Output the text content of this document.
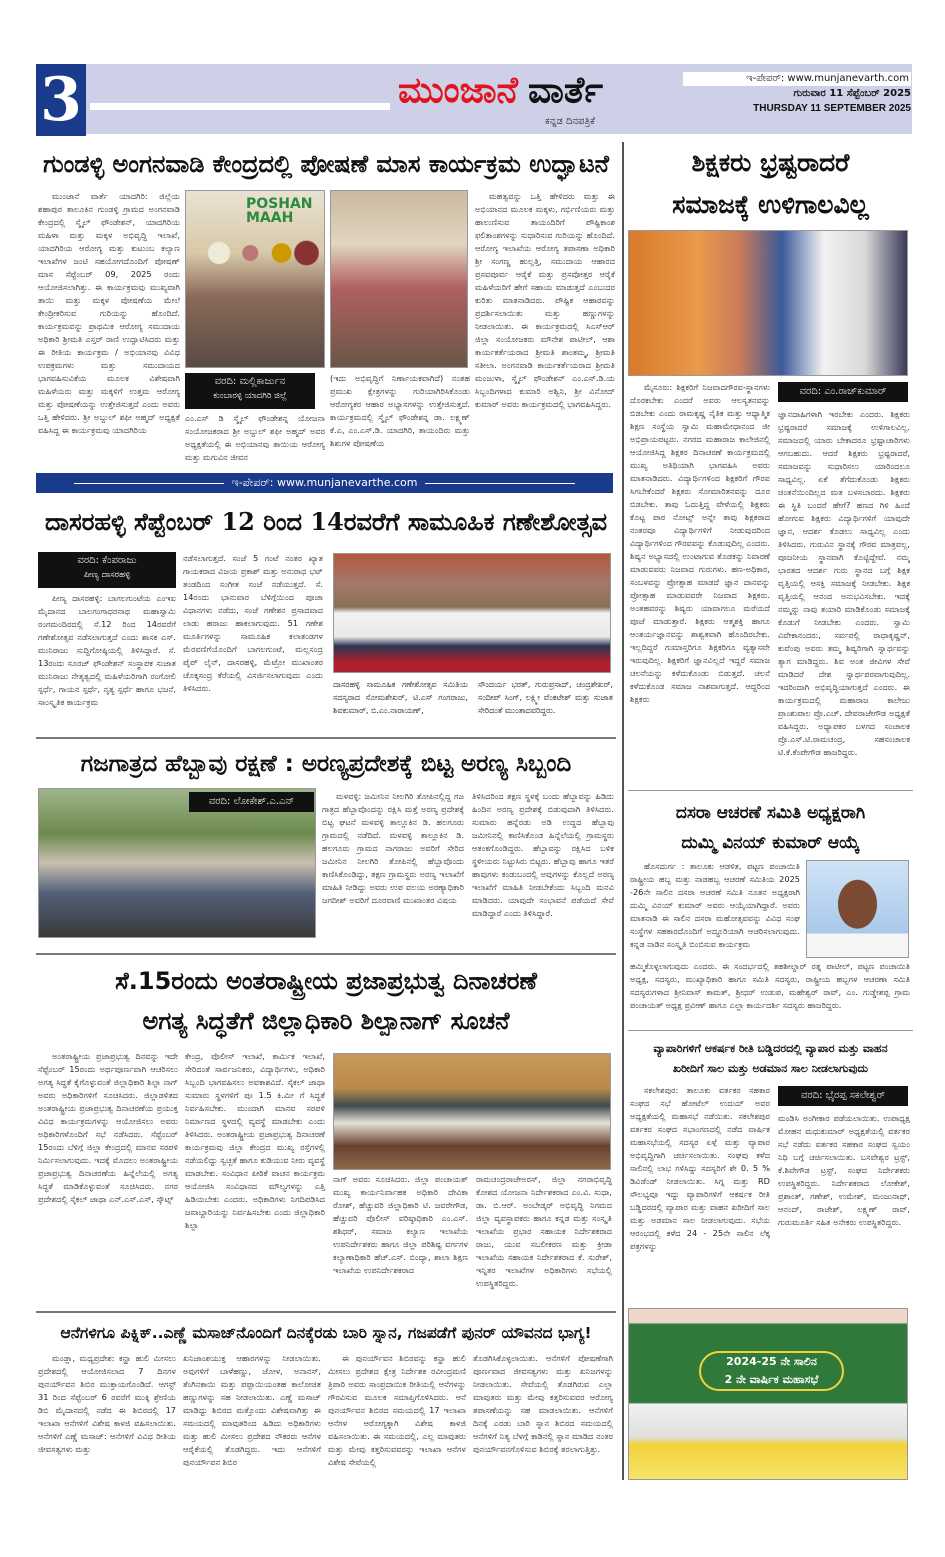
3	ಮುಂಜಾನೆ ವಾರ್ತೆ
ಕನ್ನಡ ದಿನಪತ್ರಿಕೆ
ಇ-ಪೇಪರ್: www.munjanevarth.com
ಗುರುವಾರ 11 ಸೆಪ್ಟೆಂಬರ್ 2025
THURSDAY 11 SEPTEMBER 2025
ಗುಂಡಳ್ಳಿ ಅಂಗನವಾಡಿ ಕೇಂದ್ರದಲ್ಲಿ ಪೋಷಣೆ ಮಾಸ ಕಾರ್ಯಕ್ರಮ ಉದ್ಘಾಟನೆ

ಮುಂಜಾನೆ ವಾರ್ತೆ ಯಾದಗಿರಿ: ಜಿಲ್ಲೆಯ ಶಹಾಪುರ ತಾಲೂಕಿನ ಗುಂಡಳ್ಳಿ ಗ್ರಾಮದ ಅಂಗನವಾಡಿ ಕೇಂದ್ರದಲ್ಲಿ ಸ್ಮೈಲ್ ಫೌಂಡೇಶನ್, ಯಾದಗಿರಿಯ ಮಹಿಳಾ ಮತ್ತು ಮಕ್ಕಳ ಅಭಿವೃದ್ಧಿ ಇಲಾಖೆ, ಯಾದಗಿರಿಯ ಆರೋಗ್ಯ ಮತ್ತು ಕುಟುಂಬ ಕಲ್ಯಾಣ ಇಲಾಖೆಗಳ ಜಂಟಿ ಸಹಯೋಗದೊಂದಿಗೆ ಪೋಷಣ್ ಮಾಸ ಸೆಪ್ಟೆಂಬರ್ 09, 2025 ರಂದು ಆಯೋಜಿಸಲಾಗಿತ್ತು. ಈ ಕಾರ್ಯಕ್ರಮವು ಮುಖ್ಯವಾಗಿ ತಾಯಿ ಮತ್ತು ಮಕ್ಕಳ ಪೋಷಣೆಯ ಮೇಲೆ ಕೇಂದ್ರೀಕರಿಸುವ ಗುರಿಯನ್ನು ಹೊಂದಿದೆ. ಕಾರ್ಯಕ್ರಮವನ್ನು ಪ್ರಾಥಮಿಕ ಆರೋಗ್ಯ ಸಮುದಾಯ ಅಧಿಕಾರಿ ಶ್ರೀಮತಿ ಎಸ್ತರ್ ರಾಣಿ ಉದ್ಘಾಟಿಸಿದರು ಮತ್ತು ಈ ರೀತಿಯ ಕಾರ್ಯಕ್ರಮ / ಅಭಿಯಾನವು ವಿವಿಧ ಉಪಕ್ರಮಗಳು ಮತ್ತು ಸಮುದಾಯದ ಭಾಗವಹಿಸುವಿಕೆಯ ಮೂಲಕ ವಿಶೇಷವಾಗಿ ಮಹಿಳೆಯರು ಮತ್ತು ಮಕ್ಕಳಿಗೆ ಉತ್ತಮ ಆರೋಗ್ಯ ಮತ್ತು ಪೋಷಣೆಯನ್ನು ಉತ್ತೇಜಿಸುತ್ತದೆ ಎಂದು ಅವರು ಒತ್ತಿ ಹೇಳಿದರು. ಶ್ರೀ ಅಬ್ದುಲ್ ಶಫೀ ಅಹ್ಮದ್ ಅಧ್ಯಕ್ಷತೆ ವಹಿಸಿದ್ದ ಈ ಕಾರ್ಯಕ್ರಮವು ಯಾದಗಿರಿಯ

POSHAN MAAH
ವರದಿ: ಮಲ್ಲಿಕಾರ್ಜುನ
ಕುಂಬಾರಳ್ಳಿ ಯಾದಗಿರಿ ಜಿಲ್ಲೆ

ಎಂ.ಎಸ್ ಡಿ ಸ್ಮೈಲ್ ಫೌಂಡೇಶನ್ನ ಯೋಜನಾ ಸಂಯೋಜಕರಾದ ಶ್ರೀ ಅಬ್ದುಲ್ ಶಫೀ ಅಹ್ಮದ್ ಅವರ ಅಧ್ಯಕ್ಷತೆಯಲ್ಲಿ ಈ ಅಭಿಯಾನವು ತಾಯಿಯ ಆರೋಗ್ಯ ಮತ್ತು ಮಗುವಿನ ಜೀವನ

(ಇದು ಅಭಿವೃದ್ಧಿಗೆ ನಿರ್ಣಾಯಕವಾಗಿದೆ) ನಂತಹ ಪ್ರಮುಖ ಕ್ಷೇತ್ರಗಳನ್ನು ಗುರಿಯಾಗಿರಿಸಿಕೊಂಡು ಆರೋಗ್ಯಕರ ಆಹಾರ ಅಭ್ಯಾಸಗಳನ್ನು ಉತ್ತೇಜಿಸುತ್ತದೆ. ಕಾರ್ಯಕ್ರಮದಲ್ಲಿ ಸ್ಮೈಲ್ ಫೌಂಡೇಶನ್ನ ಡಾ. ಲಕ್ಷ್ಮಣ್ ಕೆ.ಎ, ಎಂ.ಎಸ್.ಡಿ. ಯಾದಗಿರಿ, ತಾಯಂದಿರು ಮತ್ತು ಶಿಶುಗಳ ಪೋಷಣೆಯ

ಮಹತ್ವವನ್ನು ಒತ್ತಿ ಹೇಳಿದರು ಮತ್ತು ಈ ಅಭಿಯಾನದ ಮೂಲಕ ಮಕ್ಕಳು, ಗರ್ಭಿಣಿಯರು ಮತ್ತು ಹಾಲುಣಿಸುವ ತಾಯಂದಿರಿಗೆ ಪೌಷ್ಟಿಕಾಂಶ ಫಲಿತಾಂಶಗಳನ್ನು ಸುಧಾರಿಸುವ ಗುರಿಯನ್ನು ಹೊಂದಿದೆ. ಆರೋಗ್ಯ ಇಲಾಖೆಯ ಆರೋಗ್ಯ ತಪಾಸಣಾ ಅಧಿಕಾರಿ ಶ್ರೀ ಸಂಗಣ್ಣ ಹುಲ್ಲತ್ತಿ, ಸಮುದಾಯ ಆಹಾರದ ಪ್ರಸವಪೂರ್ವ ಆರೈಕೆ ಮತ್ತು ಪ್ರಸವೋತ್ತರ ಆರೈಕೆ ಮಹಿಳೆಯರಿಗೆ ಹೇಗೆ ಸಹಾಯ ಮಾಡುತ್ತದೆ ಎಂಬುದರ ಕುರಿತು ಮಾತನಾಡಿದರು. ಪೌಷ್ಟಿಕ ಆಹಾರವನ್ನು ಪ್ರದರ್ಶಿಸಲಾಯಿತು ಮತ್ತು ಹಣ್ಣುಗಳನ್ನು ನೀಡಲಾಯಿತು. ಈ ಕಾರ್ಯಕ್ರಮದಲ್ಲಿ ಸಿಎಸ್ಆರ್ ಜಿಲ್ಲಾ ಸಂಯೋಜಕರು ಮೌನೇಶ ಪಾಟೀಲ್, ಆಶಾ ಕಾರ್ಯಕರ್ತೆಯರಾದ ಶ್ರೀಮತಿ ಶಾಂತಮ್ಮ, ಶ್ರೀಮತಿ ಸತೀಲಾ. ಅಂಗನವಾಡಿ ಕಾರ್ಯಕರ್ತೆಯರಾದ ಶ್ರೀಮತಿ ಮಂಜುಳಾ, ಸ್ಮೈಲ್ ಫೌಂಡೇಶನ್ ಎಂ.ಎಸ್.ಡಿ.ಯ ಸಿಬ್ಬಂದಿಗಳಾದ ಕುಮಾರಿ ಅಶ್ವಿನಿ, ಶ್ರೀ ವಿನೋದ್ ಕುಮಾರ್ ಅವರು ಕಾರ್ಯಕ್ರಮದಲ್ಲಿ ಭಾಗವಹಿಸಿದ್ದರು.

ಇ-ಪೇಪರ್: www.munjanevarthe.com
ದಾಸರಹಳ್ಳಿ ಸೆಪ್ಟೆಂಬರ್ 12 ರಿಂದ 14ರವರೆಗೆ ಸಾಮೂಹಿಕ ಗಣೇಶೋತ್ಸವ
ವರದಿ: ಕೆಂಪರಾಜು
ಪೀಣ್ಯ ದಾಸರಹಳ್ಳಿ

ಪೀಣ್ಯ ದಾಸರಹಳ್ಳಿ: ಬಾಗಲಗುಂಟೆಯ ಎಂಇಐ ಮೈದಾನದ ಬಾಲಗಂಗಾಧರನಾಥ ಮಹಾಸ್ವಾಮಿ ರಂಗಮಂದಿರದಲ್ಲಿ ಸೆ.12 ರಿಂದ 14ರವರೆಗೆ ಗಣೇಶೋತ್ಸವ ನಡೆಸಲಾಗುತ್ತದೆ ಎಂದು ಶಾಸಕ ಎಸ್. ಮುನಿರಾಜು ಸುದ್ದಿಗೋಷ್ಠಿಯಲ್ಲಿ ತಿಳಿಸಿದ್ದಾರೆ. ಸೆ. 13ರಂದು ಸೂರಜ್ ಫೌಂಡೇಶನ್ ಸಂಸ್ಥಾಪಕ ಸುಜಾತ ಮುನಿರಾಜು ನೇತೃತ್ವದಲ್ಲಿ ಮಹಿಳೆಯರಿಗಾಗಿ ರಂಗೋಲಿ ಸ್ಪರ್ಧೆ, ಗಾಯನ ಸ್ಪರ್ಧೆ, ನೃತ್ಯ ಸ್ಪರ್ಧೆ ಹಾಗೂ ಭಜನೆ, ಸಾಂಸ್ಕೃತಿಕ ಕಾರ್ಯಕ್ರಮ

ನಡೆಸಲಾಗುತ್ತದೆ. ಸಂಜೆ 5 ಗಂಟೆ ನಂತರ ಖ್ಯಾತ ಗಾಯಕರಾದ ವಿಜಯ ಪ್ರಕಾಶ್ ಮತ್ತು ಅನುರಾಧ ಭಟ್ ತಂಡದಿಂದ ಸಂಗೀತ ಸಂಜೆ ನಡೆಯುತ್ತದೆ. ಸೆ. 14ರಂದು ಭಾನುವಾರ ಬೆಳಿಗ್ಗೆಯಿಂದ ಪೂಜಾ ವಿಧಾನಗಳು ನಡೆದು, ಸಂಜೆ ಗಣೇಶನ ಪ್ರಸಾದವಾದ ಲಾಡು ಹರಾಜು ಹಾಕಲಾಗುವುದು. 51 ಗಣೇಶ ಮೂರ್ತಿಗಳನ್ನು ಸಾಮೂಹಿಕ ಕಲಾತಂಡಗಳ ಮೆರವಣಿಗೆಯೊಂದಿಗೆ ಬಾಗಲಗುಂಟೆ, ಮಲ್ಲಸಂದ್ರ ಪೈಪ್ ಲೈನ್, ದಾಸರಹಳ್ಳಿ, ಮೆಟ್ರೋ ಮುಖಾಂತರ ಚೊಕ್ಕಸಂದ್ರ ಕೆರೆಯಲ್ಲಿ ವಿಸರ್ಜಿಸಲಾಗುವುದು ಎಂದು ತಿಳಿಸಿದರು.	ದಾಸರಹಳ್ಳಿ ಸಾಮೂಹಿಕ ಗಣೇಶೋತ್ಸವ ಸಮಿತಿಯ ಸದಸ್ಯರಾದ ಸೋಮಶೇಖರ್, ಟಿ.ಎಸ್ ಗಂಗರಾಜು, ಶಿವಕುಮಾರ್, ಬಿ.ಎಂ.ನಾರಾಯಣ್,
ಸೌಂದರ್ಯ ಭರತ್, ಗುರುಪ್ರಸಾದ್, ಚಂದ್ರಶೇಖರ್, ಸಂದೀಪ್ ಸಿಂಗ್, ಲಕ್ಷ್ಮೀ ವೆಂಕಟೇಶ್ ಮತ್ತು ಸುಜಾತ ಸೇರಿದಂತೆ ಮುಂತಾದವರಿದ್ದರು.
ಗಜಗಾತ್ರದ ಹೆಬ್ಬಾವು ರಕ್ಷಣೆ : ಅರಣ್ಯಪ್ರದೇಶಕ್ಕೆ ಬಿಟ್ಟ ಅರಣ್ಯ ಸಿಬ್ಬಂದಿ
ವರದಿ: ಲೋಕೇಶ್.ಎ.ಎನ್	ಮಳವಳ್ಳಿ: ಜಮೀನಿನ ನೀಲಗಿರಿ ತೋಪಿನಲ್ಲಿದ್ದ ಗಜ ಗಾತ್ರದ ಹೆಬ್ಬಾವೊಂದನ್ನು ರಕ್ಷಿಸಿ ಮತ್ತೆ ಅರಣ್ಯ ಪ್ರದೇಶಕ್ಕೆ ಬಿಟ್ಟ ಘಟನೆ ಮಳವಳ್ಳಿ ತಾಲ್ಲೂಕಿನ ಡಿ. ಹಲಗೂರು ಗ್ರಾಮದಲ್ಲಿ ನಡೆದಿದೆ. ಮಳವಳ್ಳಿ ತಾಲ್ಲೂಕಿನ ಡಿ. ಹಲಗೂರು ಗ್ರಾಮದ ನಾಗರಾಜು ಅವರಿಗೆ ಸೇರಿದ ಜಮೀನಿನ ನೀಲಗಿರಿ ತೋಪಿನಲ್ಲಿ ಹೆಬ್ಬಾವೊಂದು ಕಾಣಿಸಿಕೊಂಡಿದ್ದು, ತಕ್ಷಣ ಗ್ರಾಮಸ್ಥರು ಅರಣ್ಯ ಇಲಾಖೆಗೆ ಮಾಹಿತಿ ನೀಡಿದ್ದು ಅವರು ಉಪ ವಲಯ ಅರಣ್ಯಾಧಿಕಾರಿ ಜಗದೀಶ್ ಅವರಿಗೆ ದೂರವಾಣಿ ಮುಖಾಂತರ ವಿಷಯ

ತಿಳಿಸಿದರಿಂದ ತಕ್ಷಣ ಸ್ಥಳಕ್ಕೆ ಬಂದು ಹೆಬ್ಬಾವನ್ನು ಹಿಡಿದು ಹಿಂದಿನ ಅರಣ್ಯ ಪ್ರದೇಶಕ್ಕೆ ಬಿಡುವುದಾಗಿ ತಿಳಿಸಿದರು. ಸುಮಾರು ಹನ್ನೆರಡು ಅಡಿ ಉದ್ದದ ಹೆಬ್ಬಾವು ಜಮೀನಿನಲ್ಲಿ ಕಾಣಿಸಿಕೊಂಡ ಹಿನ್ನೆಲೆಯಲ್ಲಿ ಗ್ರಾಮಸ್ಥರು ಆತಂಕಗೊಂಡಿದ್ದರು. ಹೆಬ್ಬಾವನ್ನು ರಕ್ಷಿಸಿದ ಬಳಿಕ ಸ್ಥಳೀಯರು ನಿಟ್ಟುಸಿರು ಬಿಟ್ಟರು. ಹೆಬ್ಬಾವು ಹಾಗೂ ಇತರೆ ಹಾವುಗಳು ಕಂಡುಬಂದಲ್ಲಿ ಅವುಗಳನ್ನು ಕೊಲ್ಲದೆ ಅರಣ್ಯ ಇಲಾಖೆಗೆ ಮಾಹಿತಿ ನೀಡಬೇಕೆಂದು ಸಿಬ್ಬಂದಿ ಮನವಿ ಮಾಡಿದರು. ಯಾವುದೇ ಸಂಭಾವನೆ ಪಡೆಯದೆ ಸೇವೆ ಮಾಡಿದ್ದಾರೆ ಎಂದು ತಿಳಿಸಿದ್ದಾರೆ.

ಸೆ.15ರಂದು ಅಂತರಾಷ್ಟ್ರೀಯ ಪ್ರಜಾಪ್ರಭುತ್ವ ದಿನಾಚರಣೆ
ಅಗತ್ಯ ಸಿದ್ಧತೆಗೆ ಜಿಲ್ಲಾಧಿಕಾರಿ ಶಿಲ್ಪಾನಾಗ್ ಸೂಚನೆ

ಅಂತರಾಷ್ಟ್ರೀಯ ಪ್ರಜಾಪ್ರಭುತ್ವ ದಿನವನ್ನು ಇದೇ ಸೆಪ್ಟೆಂಬರ್ 15ರಂದು ಅರ್ಥಪೂರ್ಣವಾಗಿ ಆಚರಿಸಲು ಅಗತ್ಯ ಸಿದ್ಧತೆ ಕೈಗೊಳ್ಳುವಂತೆ ಜಿಲ್ಲಾಧಿಕಾರಿ ಶಿಲ್ಪಾ ನಾಗ್ ಅವರು ಅಧಿಕಾರಿಗಳಿಗೆ ಸೂಚಿಸಿದರು. ಜಿಲ್ಲಾಡಳಿತದ ಅಂತರಾಷ್ಟ್ರೀಯ ಪ್ರಜಾಪ್ರಭುತ್ವ ದಿನಾಚರಣೆಯ ಪ್ರಯುಕ್ತ ವಿವಿಧ ಕಾರ್ಯಕ್ರಮಗಳನ್ನು ಆಯೋಜಿಸಲು ಅವರು ಅಧಿಕಾರಿಗಳೊಂದಿಗೆ ಸಭೆ ನಡೆಸಿದರು. ಸೆಪ್ಟೆಂಬರ್ 15ರಂದು ಬೆಳಿಗ್ಗೆ ಜಿಲ್ಲಾ ಕೇಂದ್ರದಲ್ಲಿ ಮಾನವ ಸರಪಳಿ ನಿರ್ಮಿಸಲಾಗುವುದು. ಇದಕ್ಕೆ ಮೊದಲು ಅಂತರಾಷ್ಟ್ರೀಯ ಪ್ರಜಾಪ್ರಭುತ್ವ ದಿನಾಚರಣೆಯ ಹಿನ್ನೆಲೆಯಲ್ಲಿ ಅಗತ್ಯ ಸಿದ್ಧತೆ ಮಾಡಿಕೊಳ್ಳುವಂತೆ ಸೂಚಿಸಿದರು. ನಗರ ಪ್ರದೇಶದಲ್ಲಿ ಸೈಕಲ್ ಜಾಥಾ ಎನ್.ಎಸ್.ಎಸ್, ಸ್ಕೌಟ್ಸ್

ಕೇಂದ್ರ, ಪೊಲೀಸ್ ಇಲಾಖೆ, ಕಾರ್ಮಿಕ ಇಲಾಖೆ, ಸೇರಿದಂತೆ ಸಾರ್ವಜನಿಕರು, ವಿದ್ಯಾರ್ಥಿಗಳು, ಅಧಿಕಾರಿ ಸಿಬ್ಬಂದಿ ಭಾಗವಹಿಸಲು ಅವಕಾಶವಿದೆ. ಸೈಕಲ್ ಜಾಥಾ ಸುಮಾರು ಸ್ಥಳಗಳಿಗೆ ಪುಃ 1.5 ಕಿ.ಮೀ ಗೆ ಸಿದ್ಧತೆ ನಿರ್ವಹಿಸಬೇಕು. ಮುಂದಾಗಿ ಮಾನವ ಸರಪಳಿ ನಿರ್ಮಾಣದ ಸ್ಥಳದಲ್ಲಿ ವ್ಯವಸ್ಥೆ ಮಾಡಬೇಕು ಎಂದು ತಿಳಿಸಿದರು. ಅಂತರಾಷ್ಟ್ರೀಯ ಪ್ರಜಾಪ್ರಭುತ್ವ ದಿನಾಚರಣೆ ಕಾರ್ಯಕ್ರಮವು ಜಿಲ್ಲಾ ಕೇಂದ್ರದ ಮುಖ್ಯ ರಸ್ತೆಗಳಲ್ಲಿ ನಡೆಯಲಿದ್ದು ಸ್ವಚ್ಛತೆ ಹಾಗೂ ಕುಡಿಯುವ ನೀರು ವ್ಯವಸ್ಥೆ ಮಾಡಬೇಕು. ಸಂವಿಧಾನ ಪೀಠಿಕೆ ವಾಚನ ಕಾರ್ಯಕ್ರಮ ಆಯೋಜಿಸಿ ಸಂವಿಧಾನದ ಮೌಲ್ಯಗಳನ್ನು ಎತ್ತಿ ಹಿಡಿಯಬೇಕು ಎಂದರು. ಅಧಿಕಾರಿಗಳು ನಿಗದಿಪಡಿಸಿದ ಜವಾಬ್ದಾರಿಯನ್ನು ನಿರ್ವಹಿಸಬೇಕು ಎಂದು ಜಿಲ್ಲಾಧಿಕಾರಿ ಶಿಲ್ಪಾ

ನಾಗ್ ಅವರು ಸೂಚಿಸಿದರು. ಜಿಲ್ಲಾ ಪಂಚಾಯತ್ ಮುಖ್ಯ ಕಾರ್ಯನಿರ್ವಾಹಕ ಅಧಿಕಾರಿ ದೇವಿಕಾ ರೋಶ್, ಹೆಚ್ಚುವರಿ ಜಿಲ್ಲಾಧಿಕಾರಿ ಟಿ. ಜವರೇಗೌಡ, ಹೆಚ್ಚುವರಿ ಪೊಲೀಸ್ ವರಿಷ್ಠಾಧಿಕಾರಿ ಎಂ.ಎಸ್. ಶಶಿಧರ್, ಸಮಾಜ ಕಲ್ಯಾಣ ಇಲಾಖೆಯ ಉಪನಿರ್ದೇಶಕರು ಹಾಗೂ ಜಿಲ್ಲಾ ಪರಿಶಿಷ್ಟ ವರ್ಗಗಳ ಕಲ್ಯಾಣಾಧಿಕಾರಿ ಹೆಚ್.ಎಸ್. ಬಿಂದ್ಯಾ, ಶಾಲಾ ಶಿಕ್ಷಣ ಇಲಾಖೆಯ ಉಪನಿರ್ದೇಶಕರಾದ

ರಾಮಚಂದ್ರರಾಜೇಅರಸ್, ಜಿಲ್ಲಾ ನಗರಾಭಿವೃದ್ಧಿ ಕೋಶದ ಯೋಜನಾ ನಿರ್ದೇಶಕರಾದ ಎಂ.ವಿ. ಸುಧಾ, ಡಾ. ಬಿ.ಆರ್. ಅಂಬೇಡ್ಕರ್ ಅಭಿವೃದ್ಧಿ ನಿಗಮದ ಜಿಲ್ಲಾ ವ್ಯವಸ್ಥಾಪಕರು ಹಾಗೂ ಕನ್ನಡ ಮತ್ತು ಸಂಸ್ಕೃತಿ ಇಲಾಖೆಯ ಪ್ರಭಾರ ಸಹಾಯಕ ನಿರ್ದೇಶಕರಾದ ರಾಜು, ಯುವ ಸಬಲೀಕರಣ ಮತ್ತು ಕ್ರೀಡಾ ಇಲಾಖೆಯ ಸಹಾಯಕ ನಿರ್ದೇಶಕರಾದ ಕೆ. ಸುರೇಶ್, ಇನ್ನಿತರ ಇಲಾಖೆಗಳ ಅಧಿಕಾರಿಗಳು ಸಭೆಯಲ್ಲಿ ಉಪಸ್ಥಿತರಿದ್ದರು.

ಆನೆಗಳಿಗೂ ಪಿಕ್ನಿಕ್..ಎಣ್ಣೆ ಮಸಾಜ್‌ನೊಂದಿಗೆ ದಿನಕ್ಕೆರಡು ಬಾರಿ ಸ್ನಾನ, ಗಜಪಡೆಗೆ ಪುನರ್ ಯೌವನದ ಭಾಗ್ಯ!

ಮಂಡ್ಲಾ, ಮಧ್ಯಪ್ರದೇಶ: ಕನ್ಹಾ ಹುಲಿ ಮೀಸಲು ಪ್ರದೇಶದಲ್ಲಿ ಆಯೋಜಿಸಲಾದ 7 ದಿನಗಳ ಪುನರ್ಯೌವನ ಶಿಬಿರ ಮುಕ್ತಾಯಗೊಂಡಿದೆ. ಆಗಸ್ಟ್ 31 ರಿಂದ ಸೆಪ್ಟೆಂಬರ್ 6 ರವರೆಗೆ ಮುಕ್ಕಿ ಶ್ರೇಣಿಯ ಡಿಬಿ ಮೈದಾನದಲ್ಲಿ ನಡೆದ ಈ ಶಿಬಿರದಲ್ಲಿ 17 ಇಲಾಖಾ ಆನೆಗಳಿಗೆ ವಿಶೇಷ ಕಾಳಜಿ ವಹಿಸಲಾಯಿತು. ಆನೆಗಳಿಗೆ ಎಣ್ಣೆ ಮಸಾಜ್: ಆನೆಗಳಿಗೆ ವಿವಿಧ ರೀತಿಯ ಜೀವಸತ್ವಗಳು ಮತ್ತು

ಖನಿಜಾಂಶಯುಕ್ತ ಆಹಾರಗಳನ್ನು ನೀಡಲಾಯಿತು. ಅವುಗಳಿಗೆ ಬಾಳೆಹಣ್ಣು, ಜೋಳ, ಅನಾನಸ್, ತೆಂಗಿನಕಾಯಿ ಮತ್ತು ಪಪ್ಪಾಯಿಯಂತಹ ಕಾಲೋಚಿತ ಹಣ್ಣುಗಳನ್ನು ಸಹ ನೀಡಲಾಯಿತು. ಎಣ್ಣೆ ಮಸಾಜ್ ಮಾಡಿದ್ದು ಶಿಬಿರದ ಮತ್ತೊಂದು ವಿಶೇಷವಾಗಿತ್ತು ಈ ಸಮಯದಲ್ಲಿ ಮಾವುತರಿಂದ ಹಿಡಿದು ಅಧಿಕಾರಿಗಳು ಮತ್ತು ಹುಲಿ ಮೀಸಲು ಪ್ರದೇಶದ ನೌಕರರು ಆನೆಗಳ ಆರೈಕೆಯಲ್ಲಿ ತೊಡಗಿದ್ದರು. ಇದು ಆನೆಗಳಿಗೆ ಪುನರ್ಯೌವನ ಶಿಬಿರ

ಈ ಪುನರ್ಯೌವನ ಶಿಬಿರವನ್ನು ಕನ್ಹಾ ಹುಲಿ ಮೀಸಲು ಪ್ರದೇಶದ ಕ್ಷೇತ್ರ ನಿರ್ದೇಶಕ ರವೀಂದ್ರಮಣಿ ತ್ರಿಪಾಠಿ ಅವರು ಸಾಂಪ್ರದಾಯಿಕ ರೀತಿಯಲ್ಲಿ ಆನೆಗಳನ್ನು ಗೌರವಿಸುವ ಮೂಲಕ ಸಮಾಪ್ತಿಗೊಳಿಸಿದರು. ಆನೆ ಪುನರ್ಯೌವನ ಶಿಬಿರದ ಸಮಯದಲ್ಲಿ 17 ಇಲಾಖಾ ಆನೆಗಳ ಆರೋಗ್ಯಕ್ಕಾಗಿ ವಿಶೇಷ ಕಾಳಜಿ ವಹಿಸಲಾಯಿತು. ಈ ಸಮಯದಲ್ಲಿ, ಎಲ್ಲ ಮಾವುತರು ಮತ್ತು ಮೇವು ಕತ್ತರಿಸುವವರನ್ನು ಇಲಾಖಾ ಆನೆಗಳ ವಿಶೇಷ ಸೇವೆಯಲ್ಲಿ

ತೊಡಗಿಸಿಕೊಳ್ಳಲಾಯಿತು. ಆನೆಗಳಿಗೆ ಪೋಷಣೆಗಾಗಿ ಪೂರ್ಣವಾದ ಜೀವಸತ್ವಗಳು ಮತ್ತು ಖನಿಜಗಳನ್ನು ನೀಡಲಾಯಿತು. ಸೇವೆಯಲ್ಲಿ ತೊಡಗಿರುವ ಎಲ್ಲಾ ಮಾವುತರು ಮತ್ತು ಮೇವು ಕತ್ತರಿಸುವವರ ಆರೋಗ್ಯ ತಪಾಸಣೆಯನ್ನು ಸಹ ಮಾಡಲಾಯಿತು. ಆನೆಗಳಿಗೆ ದಿನಕ್ಕೆ ಎರಡು ಬಾರಿ ಸ್ನಾನ ಶಿಬಿರದ ಸಮಯದಲ್ಲಿ ಆನೆಗಳಿಗೆ ನಿತ್ಯ ಬೆಳಗ್ಗೆ ಕಾಡಿನಲ್ಲಿ ಸ್ನಾನ ಮಾಡಿದ ನಂತರ ಪುನರ್ಯೌವನಗೊಳಿಸುವ ಶಿಬಿರಕ್ಕೆ ತರಲಾಗುತ್ತಿತ್ತು.

ಶಿಕ್ಷಕರು ಭ್ರಷ್ಟರಾದರೆ
ಸಮಾಜಕ್ಕೆ ಉಳಿಗಾಲವಿಲ್ಲ

ಮೈಸೂರು: ಶಿಕ್ಷಕರಿಗೆ ನಿಜವಾದಗೌರವ-ಸ್ಥಾನಗಳು ದೊರಕಬೇಕು ಎಂದರೆ ಅವರು ಆಲಸ್ಯತನವನ್ನು ಬಿಡಬೇಕು ಎಂದು ರಾಮಕೃಷ್ಣ ನೈತಿಕ ಮತ್ತು ಆಧ್ಯಾತ್ಮಿಕ ಶಿಕ್ಷಣ ಸಂಸ್ಥೆಯ ಸ್ವಾಮಿ ಮಹಾಮೇಧಾನಂದ ಜೀ ಅಭಿಪ್ರಾಯಪಟ್ಟರು. ನಗರದ ಮಹಾರಾಜ ಕಾಲೇಜಿನಲ್ಲಿ ಆಯೋಜಿಸಿದ್ದ ಶಿಕ್ಷಕರ ದಿನಾಚರಣೆ ಕಾರ್ಯಕ್ರಮದಲ್ಲಿ ಮುಖ್ಯ ಅತಿಥಿಯಾಗಿ ಭಾಗವಹಿಸಿ ಅವರು ಮಾತನಾಡಿದರು. ವಿದ್ಯಾರ್ಥಿಗಳಿಂದ ಶಿಕ್ಷಕರಿಗೆ ಗೌರವ ಸಿಗಬೇಕೆಂದರೆ ಶಿಕ್ಷಕರು ಸೋಮಾರಿತನವನ್ನು ದೂರ ಬಿಡಬೇಕು. ತಾವು ಓದುತ್ತಿದ್ದ ವೇಳೆಯಲ್ಲಿ ಶಿಕ್ಷಕರು ಕೊಟ್ಟ ಪಾಠ ನೋಟ್ಸ್ ಅನ್ನೇ ತಾವು ಶಿಕ್ಷಕರಾದ ನಂತರವೂ ವಿದ್ಯಾರ್ಥಿಗಳಿಗೆ ನೀಡುವುದರಿಂದ ವಿದ್ಯಾರ್ಥಿಗಳಿಂದ ಗೌರವವನ್ನು ಕೊಡುವುದಿಲ್ಲ ಎಂದರು. ಶಿಷ್ಯನ ಅಭ್ಯಾಸದಲ್ಲಿ ಉಂಟಾಗುವ ತೊಡಕನ್ನು ನಿವಾರಣೆ ಮಾಡುವವರು ನಿಜವಾದ ಗುರುಗಳು. ಹಣ-ಅಧಿಕಾರ, ಸಂಬಳವನ್ನು ಪ್ರೋತ್ಸಾಹ ಮಾಡದೆ ಜ್ಞಾನ ದಾನವನ್ನು ಪ್ರೋತ್ಸಾಹ ಮಾಡುವವರೇ ನಿಜವಾದ ಶಿಕ್ಷಕರು. ಅಂತಹವರನ್ನು ಶಿಷ್ಯರು ಯಾವಾಗಲೂ ಮರೆಯದೆ ಪೂಜೆ ಮಾಡುತ್ತಾರೆ. ಶಿಕ್ಷಕರು ಆತ್ಮಶಕ್ತಿ ಹಾಗೂ ಆಂತರ್ಯಜ್ಞಾನವನ್ನು ಶಾಶ್ವತವಾಗಿ ಹೊಂದಿರಬೇಕು. ಇಲ್ಲದಿದ್ದರೆ ಗುಮಾಸ್ತರಿಗೂ ಶಿಕ್ಷಕರಿಗೂ ವ್ಯತ್ಯಾಸವೇ ಇರುವುದಿಲ್ಲ. ಶಿಕ್ಷಕರಿಗೆ ಜ್ಞಾನವಿಲ್ಲದೆ ಇದ್ದರೆ ಸಮಾಜ ಚಲನೆಯನ್ನು ಕಳೆದುಕೊಂಡು ಬಿಡುತ್ತದೆ. ಚಲನೆ ಕಳೆದುಕೊಂಡ ಸಮಾಜ ನಾಶವಾಗುತ್ತದೆ. ಆದ್ದರಿಂದ ಶಿಕ್ಷಕರು

ವರದಿ: ಎಂ.ರಾಜ್‌ಕುಮಾರ್

ಜ್ಞಾನದಾಹಿಗಳಾಗಿ ಇರಬೇಕು ಎಂದರು. ಶಿಕ್ಷಕರು ಭ್ರಷ್ಟರಾದರೆ ಸಮಾಜಕ್ಕೆ ಉಳಿಗಾಲವಿಲ್ಲ. ಸಮಾಜದಲ್ಲಿ ಯಾರು ಬೇಕಾದರೂ ಭ್ರಷ್ಟಾಚಾರಿಗಳು ಆಗಬಹುದು. ಆದರೆ ಶಿಕ್ಷಕರು ಭ್ರಷ್ಟರಾದರೆ, ಸಮಾಜವನ್ನು ಸುಧಾರಿಸಲು ಯಾರಿಂದಲೂ ಸಾಧ್ಯವಿಲ್ಲ. ಏಕೆ ತೆಗೆದುಕೊಂಡು ಶಿಕ್ಷಕರು ಚಿಂತನೆಯಿಂದಿಲ್ಲದ ಮತ ಬಳಸಬಾರದು. ಶಿಕ್ಷಕರು ಈ ಸ್ಥಿತಿ ಬಂದರೆ ಹೇಗೆ? ಹಣದ ಗಿಳಿ ಹಿಂದೆ ಹೋಗುವ ಶಿಕ್ಷಕರು ವಿದ್ಯಾರ್ಥಿಗಳಿಗೆ ಯಾವುದೇ ಜ್ಞಾನ, ಆದರ್ಶ ಕೊಡಲು ಸಾಧ್ಯವಿಲ್ಲ ಎಂದು ತಿಳಿಸಿದರು. ಗುರುವಿನ ಸ್ಥಾನಕ್ಕೆ ಗೌರವ ಮಾತ್ರವಲ್ಲ, ಪೂಜನೀಯ ಸ್ಥಾನವಾಗಿ ಕೊಟ್ಟಿದ್ದೇವೆ. ನಮ್ಮ ಭಾರತದ ಆದರ್ಶ ಗುರು ಸ್ಥಾನದ ಬಗ್ಗೆ ಶಿಕ್ಷಕ ವೃತ್ತಿಯಲ್ಲಿ ಆಸಕ್ತಿ ಸಮಾಜಕ್ಕೆ ನೀಡಬೇಕು. ಶಿಕ್ಷಕ ವೃತ್ತಿಯಲ್ಲಿ ಆನಂದ ಅನುಭವಿಸಬೇಕು. ಇದಕ್ಕೆ ನಮ್ಮನ್ನು ನಾವು ತಯಾರಿ ಮಾಡಿಕೊಂಡು ಸಮಾಜಕ್ಕೆ ಕೊಡುಗೆ ನೀಡಬೇಕು ಎಂದರು. ಸ್ವಾಮಿ ವಿವೇಕಾನಂದರು, ಸರ್ವಪಲ್ಲಿ ರಾಧಾಕೃಷ್ಣನ್, ಕುವೆಂಪು ಅವರು ತಮ್ಮ ಶಿಷ್ಯರಿಗಾಗಿ ಸ್ವಾರ್ಥವನ್ನು ತ್ಯಾಗ ಮಾಡಿದ್ದರು. ಶಿವ ಅಂತ ಜೀವಿಗಳ ಸೇವೆ ಮಾಡಿದರೆ ದೇಶ ಸ್ವಾರ್ಥಪರವಾಗುವುದಿಲ್ಲ. ಇದರಿಂದಾಗಿ ಅಭಿವೃದ್ಧಿಯಾಗುತ್ತದೆ ಎಂದರು. ಈ ಕಾರ್ಯಕ್ರಮದಲ್ಲಿ ಮಹಾರಾಜ ಕಾಲೇಜು ಪ್ರಾಂಶುಪಾಲ ಪ್ರೊ.ಎಚ್. ದೇವರಾಜೇಗೌಡ ಅಧ್ಯಕ್ಷತೆ ವಹಿಸಿದ್ದರು. ಅಧ್ಯಾಪಕರ ಬಳಗದ ಸಂಚಾಲಕ ಪ್ರೊ.ಎಸ್.ಟಿ.ರಾಮಚಂದ್ರ, ಸಹಸಂಚಾಲಕ ಟಿ.ಕೆ.ಕೆಂಪೇಗೌಡ ಹಾಜರಿದ್ದರು.

ದಸರಾ ಆಚರಣೆ ಸಮಿತಿ ಅಧ್ಯಕ್ಷರಾಗಿ
ದುಮ್ಮಿ ವಿನಯ್ ಕುಮಾರ್ ಆಯ್ಕೆ

ಹೊಸದುರ್ಗ : ತಾಲೂಕು ಆಡಳಿತ, ಪಟ್ಟಣ ಪಂಚಾಯಿತಿ ರಾಷ್ಟ್ರೀಯ ಹಬ್ಬ ಮತ್ತು ನಾಡಹಬ್ಬ ಆಚರಣೆ ಸಮಿತಿಯ 2025 -26ನೇ ಸಾಲಿನ ದಸರಾ ಆಚರಣೆ ಸಮಿತಿ ನೂತನ ಅಧ್ಯಕ್ಷರಾಗಿ ದುಮ್ಮಿ ವಿನಯ್ ಕುಮಾರ್ ಅವರು ಆಯ್ಕೆಯಾಗಿದ್ದಾರೆ. ಅವರು ಮಾತನಾಡಿ ಈ ಸಾಲಿನ ದಸರಾ ಮಹೋತ್ಸವವನ್ನು ವಿವಿಧ ಸಂಘ ಸಂಸ್ಥೆಗಳ ಸಹಕಾರದೊಂದಿಗೆ ಅದ್ಧೂರಿಯಾಗಿ ಆಚರಿಸಲಾಗುವುದು. ಕನ್ನಡ ನಾಡಿನ ಸಂಸ್ಕೃತಿ ಬಿಂಬಿಸುವ ಕಾರ್ಯಕ್ರಮ

ಹಮ್ಮಿಕೊಳ್ಳಲಾಗುವುದು ಎಂದರು. ಈ ಸಂದರ್ಭದಲ್ಲಿ ತಹಶೀಲ್ದಾರ್ ರತ್ನ ಪಾಟೀಲ್, ಪಟ್ಟಣ ಪಂಚಾಯಿತಿ ಅಧ್ಯಕ್ಷ, ಸದಸ್ಯರು, ಮುಖ್ಯಾಧಿಕಾರಿ ಹಾಗೂ ಸಮಿತಿ ಸದಸ್ಯರು, ರಾಷ್ಟ್ರೀಯ ಹಬ್ಬಗಳ ಆಚರಣಾ ಸಮಿತಿ ಸದಸ್ಯರುಗಳಾದ ಶ್ರೀನಿವಾಸ್ ಕಾಮತ್, ಶ್ರೀಧರ್ ಉಡುಪ, ಮಹೇಶ್ವರ್ ರಾವ್, ಎಂ. ಗುಡ್ಡೇಶಪ್ಪ ಗ್ರಾಮ ಪಂಚಾಯತ್ ಅಧ್ಯಕ್ಷ ಪ್ರವೀಣ್ ಹಾಗೂ ಎಲ್ಲಾ ಕಾರ್ಯದರ್ಶಿ ಸದಸ್ಯರು ಹಾಜರಿದ್ದರು.

ವ್ಯಾಪಾರಿಗಳಿಗೆ ಆಕರ್ಷಕ ರೀತಿ ಬಡ್ಡಿದರದಲ್ಲಿ ವ್ಯಾಪಾರ ಮತ್ತು ವಾಹನ
ಖರೀದಿಗೆ ಸಾಲ ಮತ್ತು ಅಡಮಾನ ಸಾಲ ನೀಡಲಾಗುವುದು

ಸಕಲೇಶಪುರ: ತಾಲೂಕು ವರ್ತಕರ ಸಹಕಾರ ಸಂಘದ ಸಭೆ ಹೋಟೆಲ್ ಉದಯ್ ಅವರ ಅಧ್ಯಕ್ಷತೆಯಲ್ಲಿ ಮಹಾಸಭೆ ನಡೆಯಿತು. ಸಕಲೇಶಪುರ ವರ್ತಕರ ಸಂಘದ ಸಭಾಂಗಣದಲ್ಲಿ ನಡೆದ ವಾರ್ಷಿಕ ಮಹಾಸಭೆಯಲ್ಲಿ ಸದಸ್ಯರ ಏಳ್ಗೆ ಮತ್ತು ವ್ಯಾಪಾರ ಅಭಿವೃದ್ಧಿಗಾಗಿ ಚರ್ಚಿಸಲಾಯಿತು. ಸಂಘವು ಕಳೆದ ಸಾಲಿನಲ್ಲಿ ಲಾಭ ಗಳಿಸಿದ್ದು ಸದಸ್ಯರಿಗೆ ಶೇ 0. 5 % ಡಿವಿಡೆಂಡ್ ನೀಡಲಾಯಿತು. ಸಿಗ್ನ ಮತ್ತು RD ಸೌಲಭ್ಯವೂ ಇದ್ದು ವ್ಯಾಪಾರಿಗಳಿಗೆ ಆಕರ್ಷಕ ರೀತಿ ಬಡ್ಡಿದರದಲ್ಲಿ ವ್ಯಾಪಾರ ಮತ್ತು ವಾಹನ ಖರೀದಿಗೆ ಸಾಲ ಮತ್ತು ಅಡಮಾನ ಸಾಲ ನೀಡಲಾಗುವುದು. ಸಭೆಯ ಆರಂಭದಲ್ಲಿ ಕಳೆದ 24 - 25ನೇ ಸಾಲಿನ ಲೆಕ್ಕ ಪತ್ರಗಳನ್ನು

ವರದಿ: ಭೈರಪ್ಪ ಸಕಲೇಶ್ವರ್

ಮಂಡಿಸಿ ಅಂಗೀಕಾರ ಪಡೆಯಲಾಯಿತು. ಉಪಾಧ್ಯಕ್ಷ ಮೋಹನ ಮಧುಕುಮಾರ್ ಅಧ್ಯಕ್ಷತೆಯಲ್ಲಿ ವರ್ತಕರ ಸಭೆ ನಡೆದು ವರ್ತಕರ ಸಹಕಾರ ಸಂಘದ ಸ್ವಯಂ ನಿಧಿ ಬಗ್ಗೆ ಚರ್ಚಿಸಲಾಯಿತು. ಬಸವೇಶ್ವರ ಟ್ರಸ್ಟ್, ಕೆ.ಶಿವೇಗೌಡ ಟ್ರಸ್ಟ್, ಸಂಘದ ನಿರ್ದೇಶಕರು ಉಪಸ್ಥಿತರಿದ್ದರು. ನಿರ್ದೇಶಕರಾದ ಲೋಕೇಶ್, ಪ್ರಶಾಂತ್, ಗಣೇಶ್, ಉಮೇಶ್, ಮಂಜುನಾಥ್, ಆನಂದ್, ರಾಜೇಶ್, ಲಕ್ಷ್ಮಣ್ ರಾವ್, ಗುರುಮೂರ್ತಿ ಸಹಿತ ಅನೇಕರು ಉಪಸ್ಥಿತರಿದ್ದರು.

2024-25 ನೇ ಸಾಲಿನ
2 ನೇ ವಾರ್ಷಿಕ ಮಹಾಸಭೆ
